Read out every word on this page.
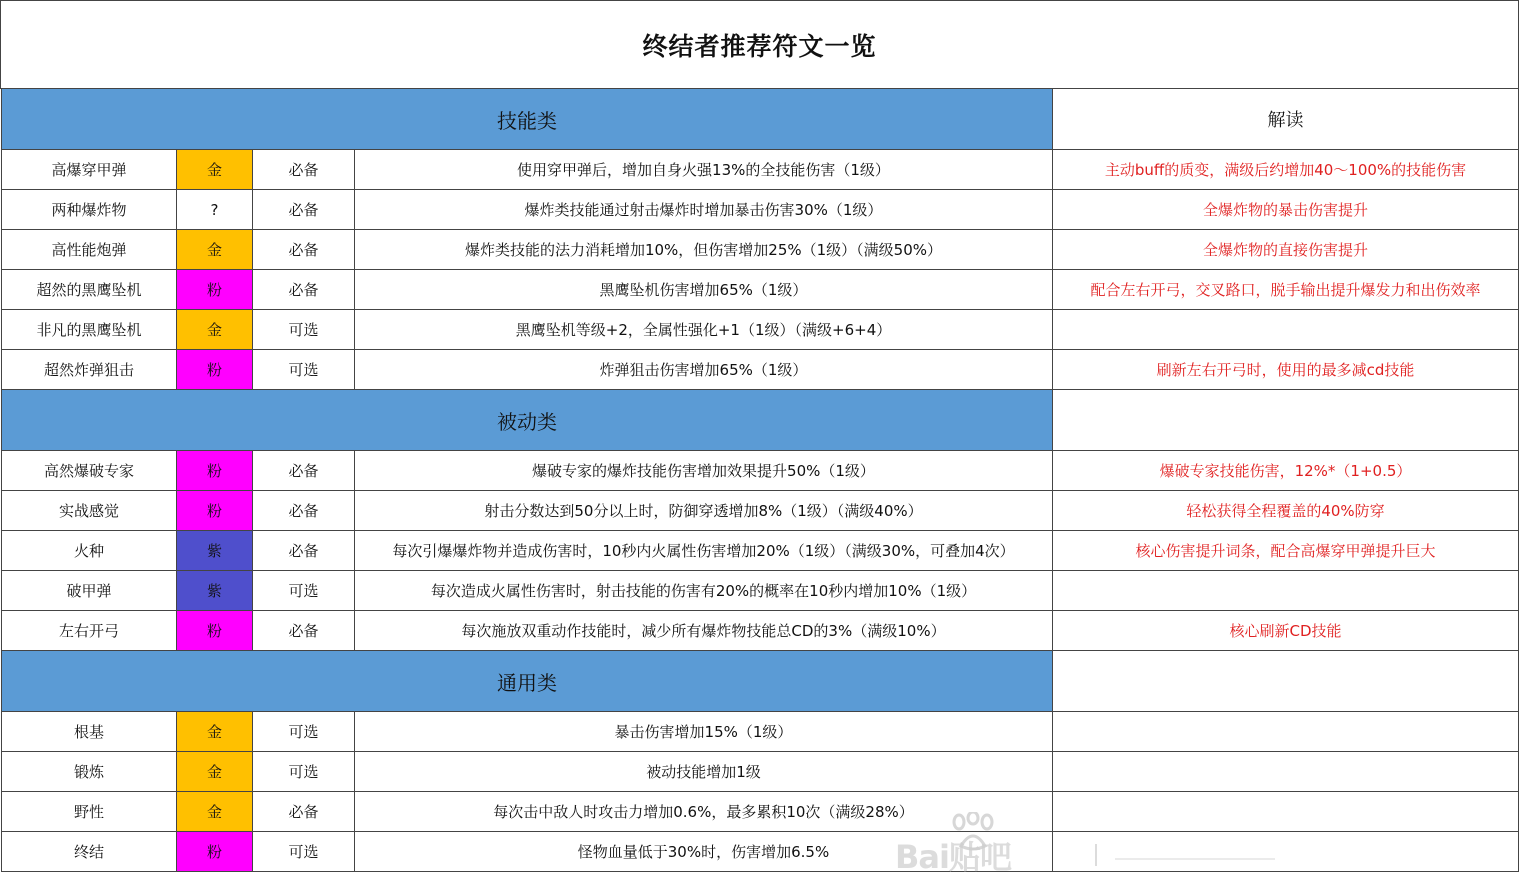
终结者推荐符文一览
技能类				解读
高爆穿甲弹	金	必备	使用穿甲弹后，增加自身火强13%的全技能伤害（1级）	主动buff的质变，满级后约增加40～100%的技能伤害
两种爆炸物	?	必备	爆炸类技能通过射击爆炸时增加暴击伤害30%（1级）	全爆炸物的暴击伤害提升
高性能炮弹	金	必备	爆炸类技能的法力消耗增加10%，但伤害增加25%（1级）（满级50%）	全爆炸物的直接伤害提升
超然的黑鹰坠机	粉	必备	黑鹰坠机伤害增加65%（1级）	配合左右开弓，交叉路口，脱手输出提升爆发力和出伤效率
非凡的黑鹰坠机	金	可选	黑鹰坠机等级+2，全属性强化+1（1级）（满级+6+4）	
超然炸弹狙击	粉	可选	炸弹狙击伤害增加65%（1级）	刷新左右开弓时，使用的最多减cd技能
被动类				
高然爆破专家	粉	必备	爆破专家的爆炸技能伤害增加效果提升50%（1级）	爆破专家技能伤害，12%*（1+0.5）
实战感觉	粉	必备	射击分数达到50分以上时，防御穿透增加8%（1级）（满级40%）	轻松获得全程覆盖的40%防穿
火种	紫	必备	每次引爆爆炸物并造成伤害时，10秒内火属性伤害增加20%（1级）（满级30%，可叠加4次）	核心伤害提升词条，配合高爆穿甲弹提升巨大
破甲弹	紫	可选	每次造成火属性伤害时，射击技能的伤害有20%的概率在10秒内增加10%（1级）	
左右开弓	粉	必备	每次施放双重动作技能时，减少所有爆炸物技能总CD的3%（满级10%）	核心刷新CD技能
通用类				
根基	金	可选	暴击伤害增加15%（1级）	
锻炼	金	可选	被动技能增加1级	
野性	金	必备	每次击中敌人时攻击力增加0.6%，最多累积10次（满级28%）	
终结	粉	可选	怪物血量低于30%时，伤害增加6.5%	Bai贴吧
